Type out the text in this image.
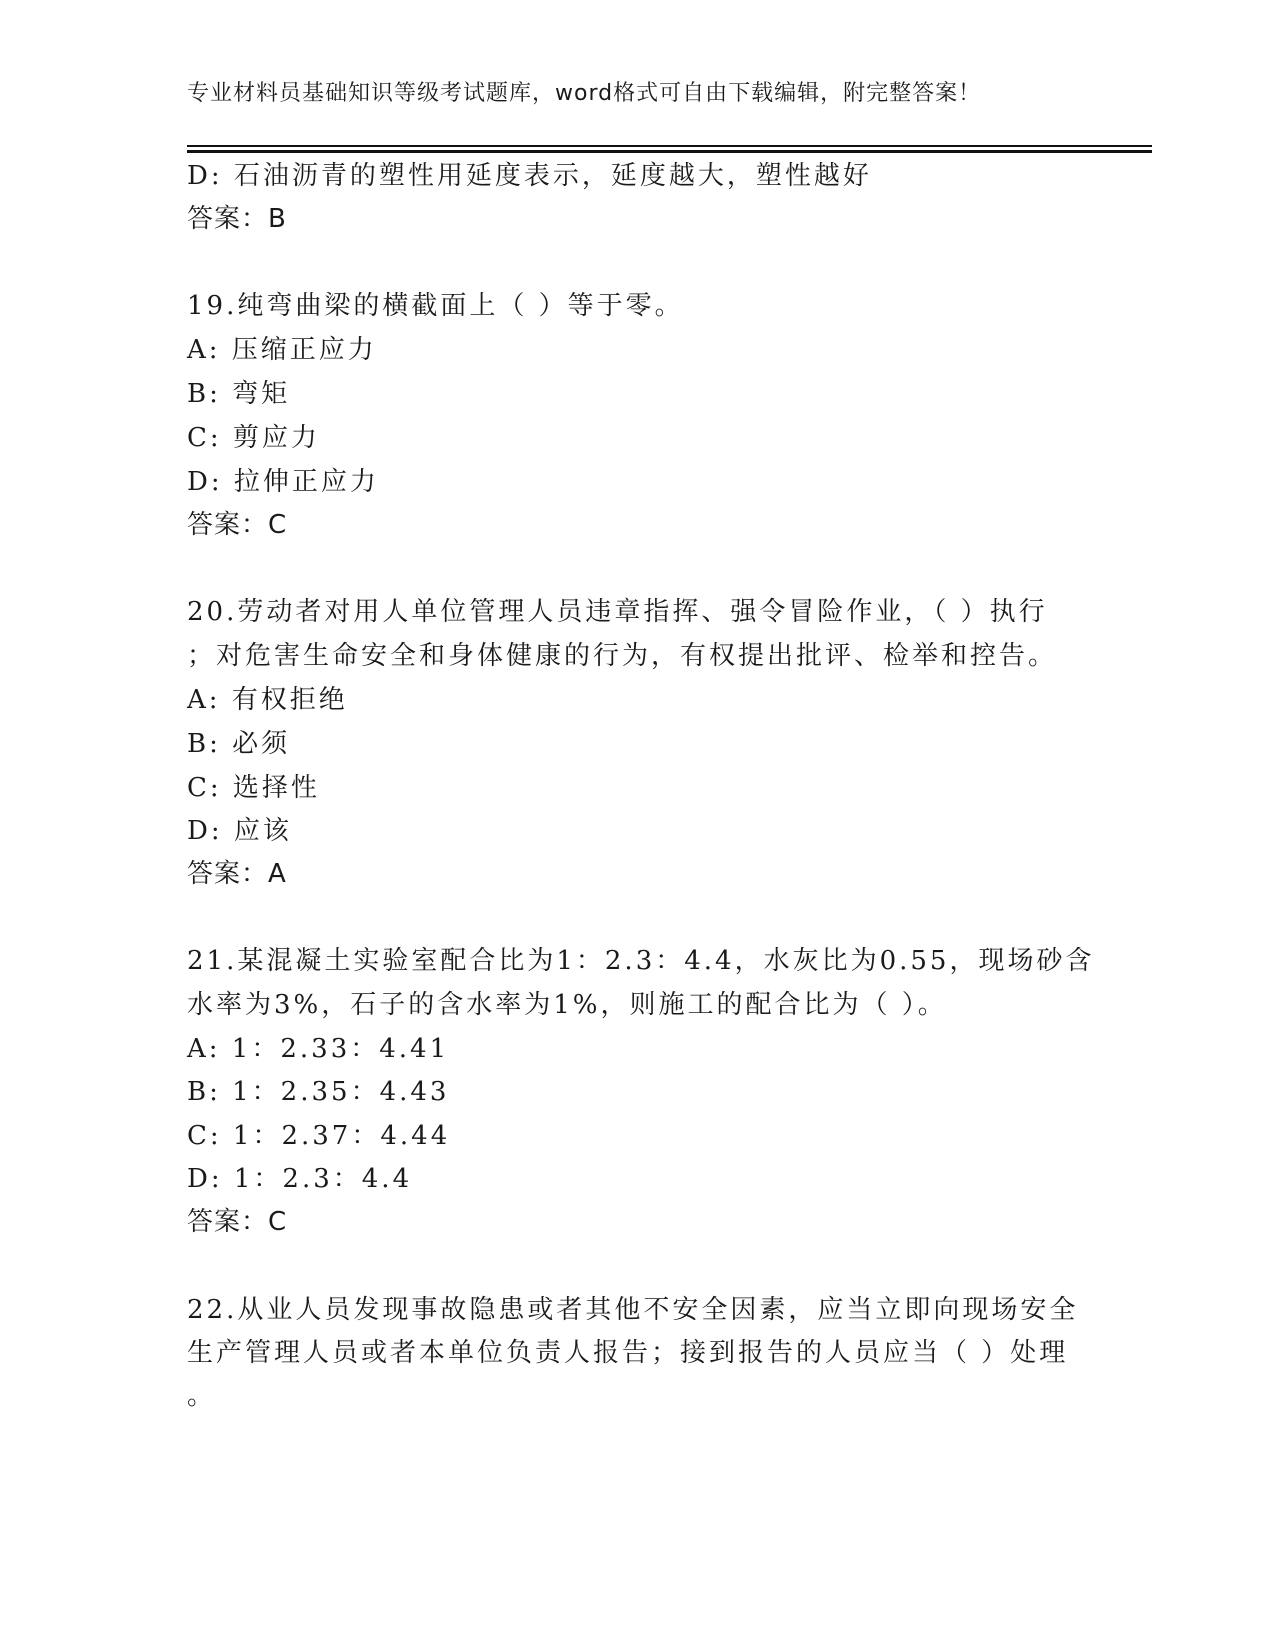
专业材料员基础知识等级考试题库，word格式可自由下载编辑，附完整答案！
D: 石油沥青的塑性用延度表示，延度越大，塑性越好
答案：B
19.纯弯曲梁的横截面上（ ）等于零。
A: 压缩正应力
B: 弯矩
C: 剪应力
D: 拉伸正应力
答案：C
20.劳动者对用人单位管理人员违章指挥、强令冒险作业，（ ）执行
；对危害生命安全和身体健康的行为，有权提出批评、检举和控告。
A: 有权拒绝
B: 必须
C: 选择性
D: 应该
答案：A
21.某混凝土实验室配合比为1：2.3：4.4，水灰比为0.55，现场砂含
水率为3%，石子的含水率为1%，则施工的配合比为（ ）。
A: 1：2.33：4.41
B: 1：2.35：4.43
C: 1：2.37：4.44
D: 1：2.3：4.4
答案：C
22.从业人员发现事故隐患或者其他不安全因素，应当立即向现场安全
生产管理人员或者本单位负责人报告；接到报告的人员应当（ ）处理
。
